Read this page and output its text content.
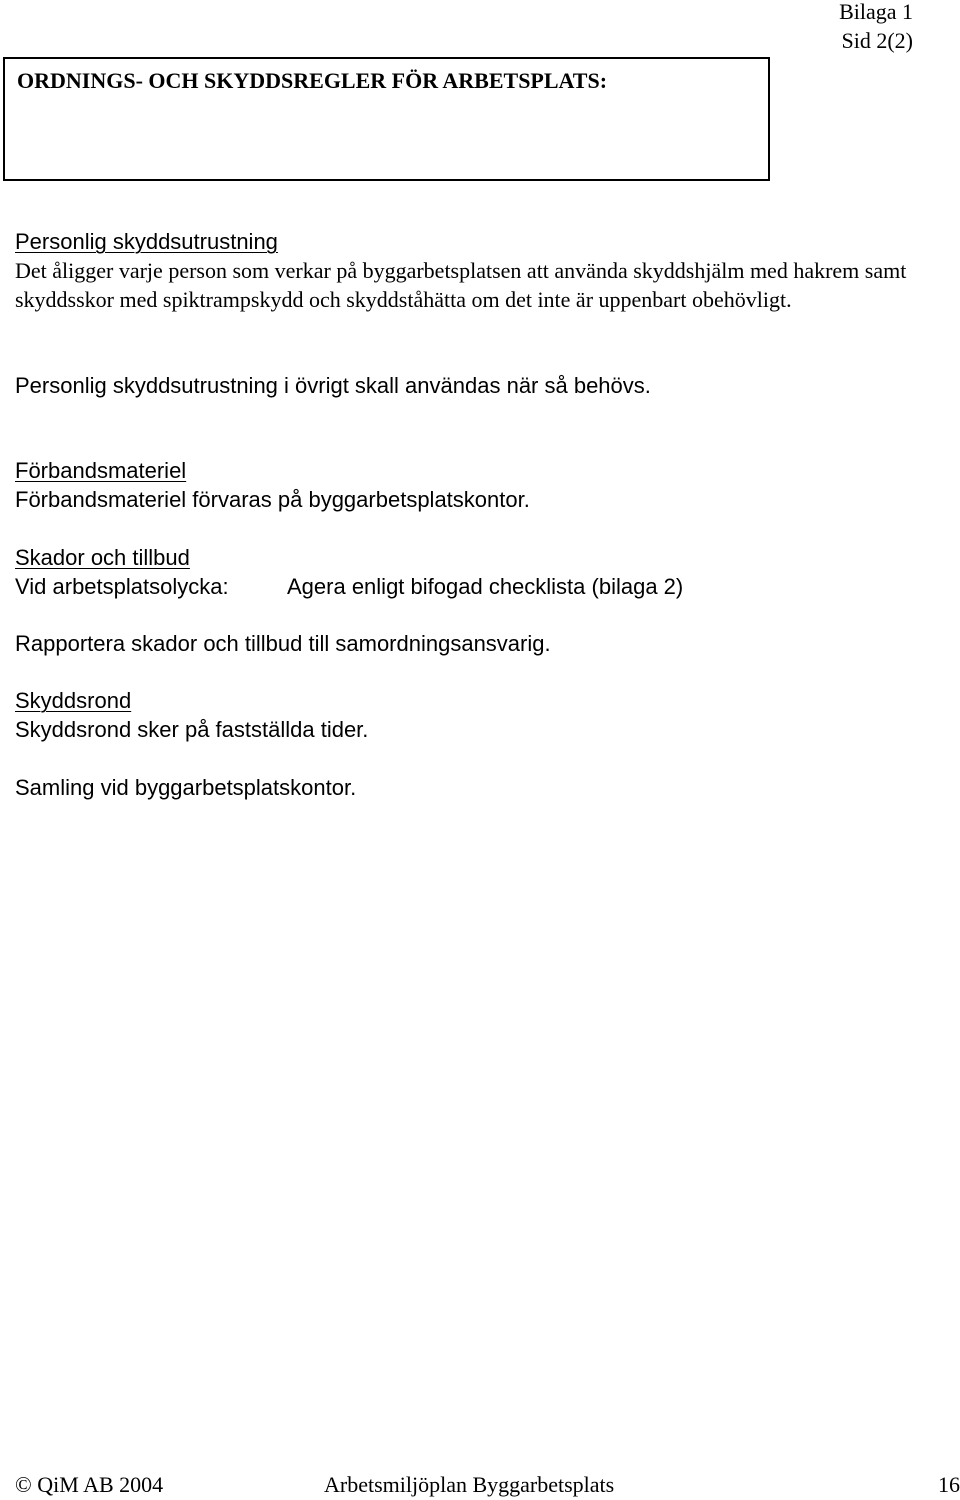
Bilaga 1
Sid 2(2)
ORDNINGS- OCH SKYDDSREGLER FÖR ARBETSPLATS:
Personlig skyddsutrustning

Det åligger varje person som verkar på byggarbetsplatsen att använda skyddshjälm med hakrem samt skyddsskor med spiktrampskydd och skyddståhätta om det inte är uppenbart obehövligt.

Personlig skyddsutrustning i övrigt skall användas när så behövs.
Förbandsmateriel
Förbandsmateriel förvaras på byggarbetsplatskontor.
Skador och tillbud
Vid arbetsplatsolycka:	Agera enligt bifogad checklista (bilaga 2)
Rapportera skador och tillbud till samordningsansvarig.
Skyddsrond
Skyddsrond sker på fastställda tider.
Samling vid byggarbetsplatskontor.
© QiM AB 2004	Arbetsmiljöplan Byggarbetsplats	16
